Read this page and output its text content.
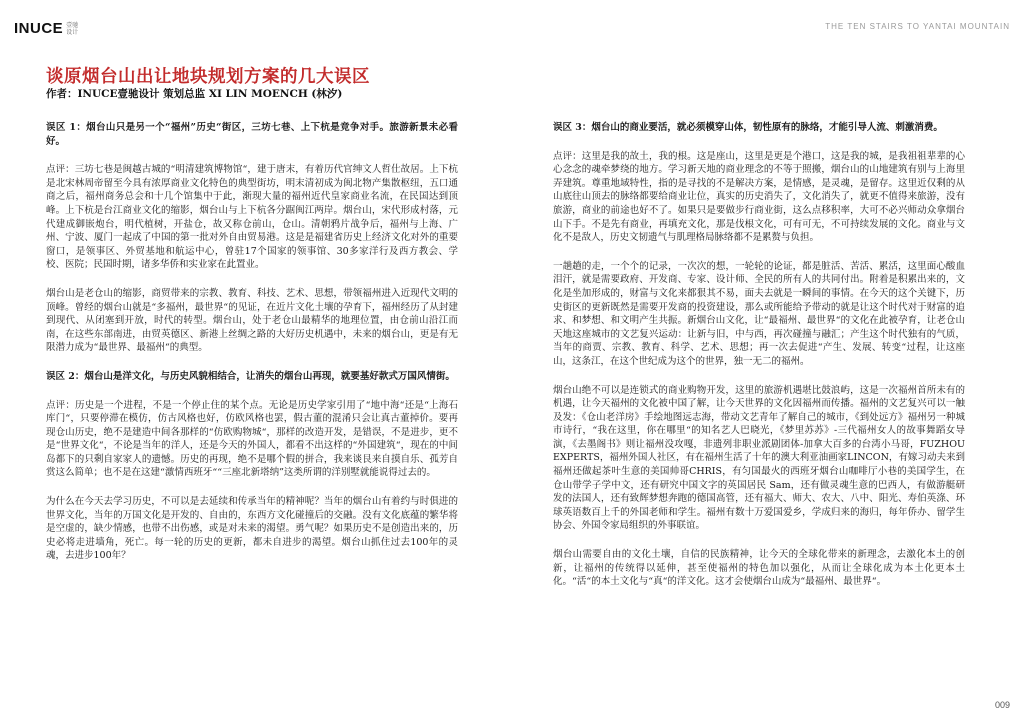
INUCE 壹驰
设计
THE TEN STAIRS TO YANTAI MOUNTAIN
谈原烟台山出让地块规划方案的几大误区
作者：INUCE壹驰设计 策划总监 XI LIN MOENCH (林汐)

误区 1：烟台山只是另一个“福州”历史“街区，三坊七巷、上下杭是竞争对手。旅游新景未必看好。

点评：三坊七巷是闽越古城的“明清建筑博物馆“，建于唐末，有着历代官绅文人哲仕故居。上下杭是北宋林周帝留至今具有浓厚商业文化特色的典型街坊，明末清初成为闽北物产集散枢纽，五口通商之后，福州商务总会和十几个馆集中于此，渐现大量的福州近代皇家商业名流，在民国达到顶峰。上下杭是台江商业文化的缩影，烟台山与上下杭各分踞闽江两岸。烟台山，宋代形成村落，元代建成御嵌炮台，明代植树，开盐仓，故又称仓前山，仓山。清朝鸦片战争后，福州与上海、广州、宁波、厦门一起成了中国的第一批对外自由贸易港。这是是福建省历史上经济文化对外的重要窗口，是领事区、外贸基地和航运中心，曾驻17个国家的领事馆、30多家洋行及西方教会、学校、医院；民国时期，诸多华侨和实业家在此置业。

烟台山是老仓山的缩影，商贸带来的宗教、教育、科技、艺术、思想，带领福州进入近现代文明的顶峰。曾经的烟台山就是“多福州，最世界“的见证，在近片文化土壤的孕育下，福州经历了从封建到现代、从闭塞到开放，时代的转型。烟台山，处于老仓山最精华的地理位置，由仓前山沿江而南，在这些东部南进，由贸英德区、新港上丝绸之路的大好历史机遇中，未来的烟台山，更是有无限潜力成为“最世界、最福州“的典型。

误区 2：烟台山是洋文化，与历史风貌相结合，让消失的烟台山再现，就要基好款式万国风情街。

点评：历史是一个进程，不是一个停止住的某个点。无论是历史学家引用了“地中海“还是“上海石库门“，只要停滞在模仿，仿古风格也好，仿欧风格也罢，假古董的混淆只会让真古董掉价。要再现仓山历史，绝不是建造中间各那样的“仿欧购物城“，那样的改造开发，是错误，不是进步，更不是“世界文化“，不论是当年的洋人，还是今天的外国人，都看不出这样的“外国建筑“，现在的中间岛都下的只剩自家家人的遗憾。历史的再现，绝不是哪个假的拼合，我来谈艮来自摸自乐、孤芳自赏这么简单；也不是在这建“激情西班牙““三座北新塔纳”这类所谓的洋别墅就能说得过去的。

为什么在今天去学习历史，不可以是去延续和传承当年的精神呢？当年的烟台山有着约与时俱进的世界文化，当年的万国文化是开发的、自由的，东西方文化碰撞后的交融。没有文化底蕴的繁华将是空虚的，缺少情感，也带不出伤感，或是对未来的渴望。勇气呢？如果历史不是创造出来的，历史必将走进墙角，死亡。每一轮的历史的更新，都未自进步的渴望。烟台山抓住过去100年的灵魂，去进步100年？

误区 3：烟台山的商业要活，就必须模穿山体，韧性原有的脉络，才能引导人流、刺激消费。

点评：这里是我的故土，我的根。这是座山，这里是更是个港口，这是我的城，是我祖祖辈辈的心心念念的魂牵梦绕的地方。学习新天地的商业理念的不等于照搬，烟台山的山地建筑有别与上海里弄建筑。尊重地域特性，指的是寻找的不是解决方案，是情感，是灵魂，是留存。这里近仅剩的从山底往山顶去的脉络都要给商业让位，真实的历史消失了，文化消失了，就更不值得来旅游，没有旅游，商业的前途也好不了。如果只是要做步行商业街，这么点移积率，大可不必兴师动众拿烟台山下手。不是先有商业，再填充文化，那是伐根文化，可有可无，不可持续发展的文化。商业与文化不是敌人，历史文韧遗气与肌理格局脉络都不是累赘与负担。

一趟趟的走，一个个的记录，一次次的想，一轮轮的论证，都是脏活、苦活、累活，这里面心酸血泪汗，就是需要政府、开发商、专家、设计师、全民的所有人的共同付出。附着是积累出来的，文化是坐加形成的，财富与文化来都狠其不易，面夫去就是一瞬间的事情。在今天的这个关键下，历史街区的更新既然是需要开发商的投资建设，那么或所能给予带动的就是让这个时代对于财富的追求、和梦想、和文明产生共振。新烟台山文化，让“最福州、最世界“的文化在此被孕育，让老仓山天地这座城市的文艺复兴运动：让新与旧，中与西，再次碰撞与融汇；产生这个时代独有的气质，当年的商贾、宗教、教育、科学、艺术、思想；再一次去促进“产生、发展、转变“过程，让这座山，这条江，在这个世纪成为这个的世界，独一无二的福州。

烟台山绝不可以是连锁式的商业购物开发，这里的旅游机遇堪比鼓浪屿，这是一次福州首所未有的机遇，让今天福州的文化被中国了解，让今天世界的文化因福州而传播。福州的文艺复兴可以一触及发：《仓山老洋房》手绘地图远志海，带动文艺青年了解自己的城市，《到处远方》福州另一种城市诗行，“我在这里，你在哪里“的知名艺人巴晓光，《梦里苏苏》-三代福州女人的故事舞蹈女导演，《去墨阁书》则让福州没攻嘎，非遗列非职业派剧团体-加拿大百多的台湾小马哥，FUZHOU EXPERTS，福州外国人社区，有在福州生活了十年的澳大利亚油画家LINCON，有嫁习动夫来到福州还做起茶叶生意的美国帅哥CHRIS，有匀国最火的西班牙烟台山咖啡厅小巷的美国学生，在仓山带学子学中文，还有研究中国文字的英国居民 Sam，还有做灵魂生意的巴西人，有做游艇研发的法国人，还有致辉梦想奔跑的德国高管，还有福大、师大、农大、八中、阳光、寿伯英涤、环球英语数百上千的外国老师和学生。福州有数十万爱国爱乡，学成归来的海归，每年侨办、留学生协会、外国令家局组织的外事联谊。

烟台山需要自由的文化土壤，自信的民族精神，让今天的全球化带来的新理念，去激化本土的创新，让福州的传统得以延伸，甚至使福州的特色加以强化，从而让全球化成为本土化更本土化。“活“的本土文化与“真“的洋文化。这才会使烟台山成为“最福州、最世界“。

009
